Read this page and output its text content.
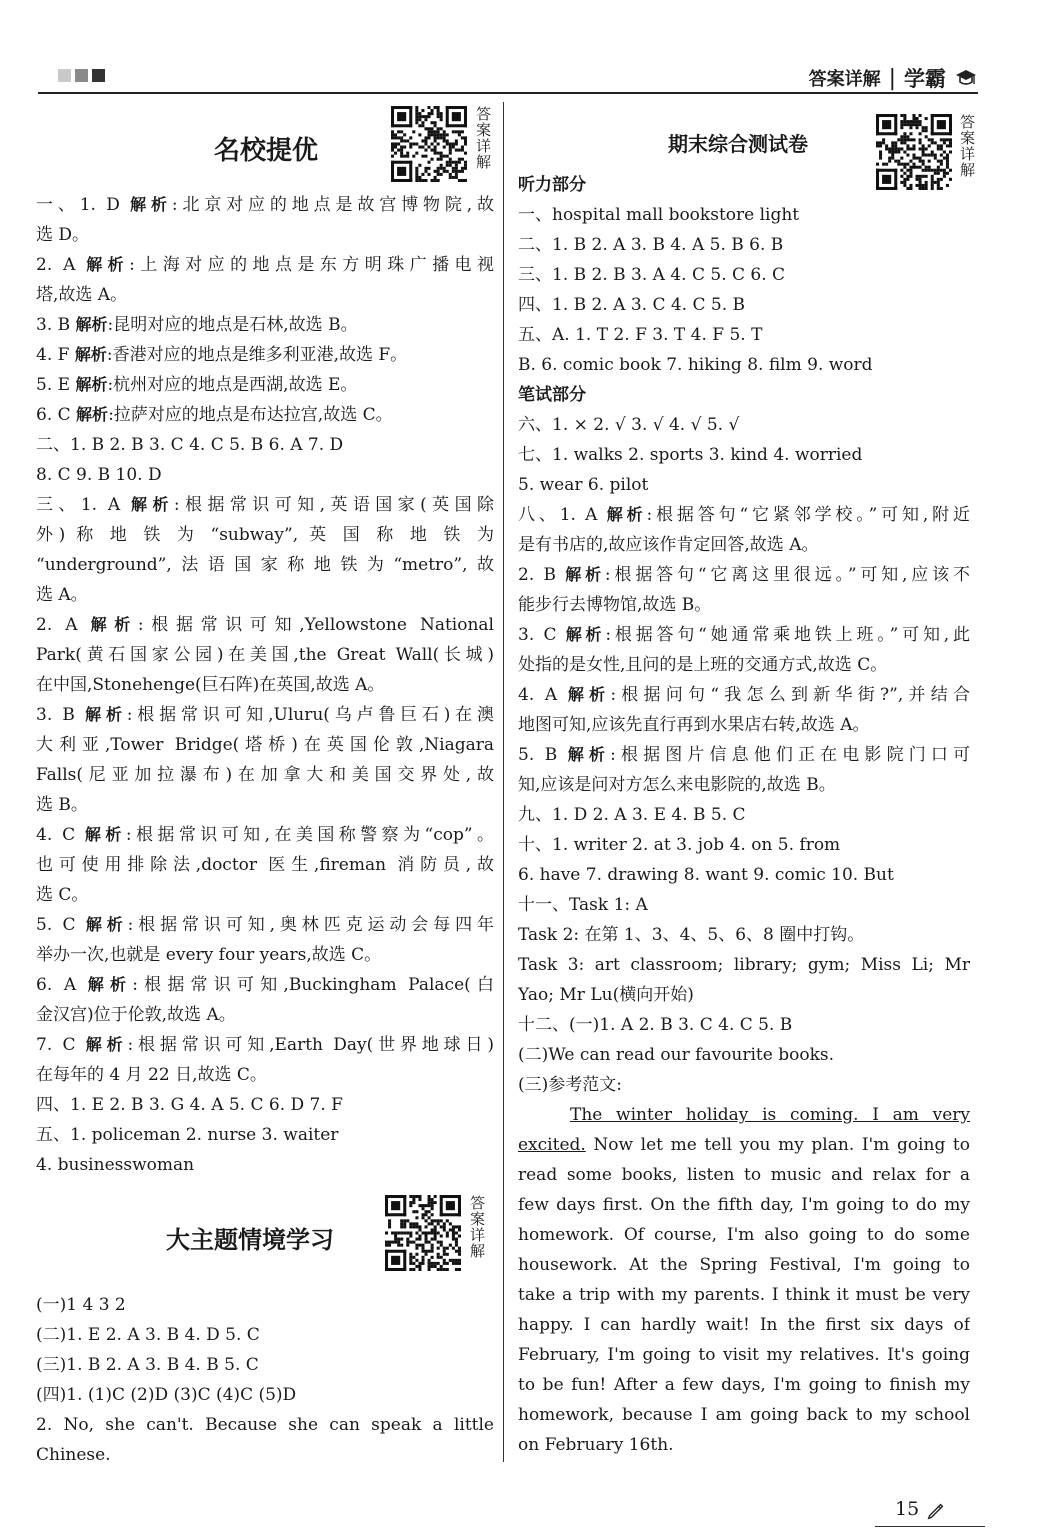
答案详解 | 学霸
名校提优
答案详解
一、1. D 解析:北京对应的地点是故宫博物院,故
选 D。
2. A 解析:上海对应的地点是东方明珠广播电视
塔,故选 A。
3. B 解析:昆明对应的地点是石林,故选 B。
4. F 解析:香港对应的地点是维多利亚港,故选 F。
5. E 解析:杭州对应的地点是西湖,故选 E。
6. C 解析:拉萨对应的地点是布达拉宫,故选 C。
二、1. B 2. B 3. C 4. C 5. B 6. A 7. D
8. C 9. B 10. D
三、1. A 解析:根据常识可知,英语国家(英国除
外) 称 地 铁 为 “subway”, 英 国 称 地 铁 为
“underground”,法语国家称地铁为“metro”,故
选 A。
2. A 解析:根据常识可知,Yellowstone National
Park(黄石国家公园)在美国,the Great Wall(长城)
在中国,Stonehenge(巨石阵)在英国,故选 A。
3. B 解析:根据常识可知,Uluru(乌卢鲁巨石)在澳
大利亚,Tower Bridge(塔桥)在英国伦敦,Niagara
Falls(尼亚加拉瀑布)在加拿大和美国交界处,故
选 B。
4. C 解析:根据常识可知,在美国称警察为“cop”。
也可使用排除法,doctor 医生,fireman 消防员,故
选 C。
5. C 解析:根据常识可知,奥林匹克运动会每四年
举办一次,也就是 every four years,故选 C。
6. A 解析:根据常识可知,Buckingham Palace(白
金汉宫)位于伦敦,故选 A。
7. C 解析:根据常识可知,Earth Day(世界地球日)
在每年的 4 月 22 日,故选 C。
四、1. E 2. B 3. G 4. A 5. C 6. D 7. F
五、1. policeman 2. nurse 3. waiter
4. businesswoman
大主题情境学习
答案详解
(一)1 4 3 2
(二)1. E 2. A 3. B 4. D 5. C
(三)1. B 2. A 3. B 4. B 5. C
(四)1. (1)C (2)D (3)C (4)C (5)D
2. No, she can't. Because she can speak a little
Chinese.
期末综合测试卷
答案详解
听力部分
一、hospital mall bookstore light
二、1. B 2. A 3. B 4. A 5. B 6. B
三、1. B 2. B 3. A 4. C 5. C 6. C
四、1. B 2. A 3. C 4. C 5. B
五、A. 1. T 2. F 3. T 4. F 5. T
B. 6. comic book 7. hiking 8. film 9. word
笔试部分
六、1. × 2. √ 3. √ 4. √ 5. √
七、1. walks 2. sports 3. kind 4. worried
5. wear 6. pilot
八、1. A 解析:根据答句“它紧邻学校。”可知,附近
是有书店的,故应该作肯定回答,故选 A。
2. B 解析:根据答句“它离这里很远。”可知,应该不
能步行去博物馆,故选 B。
3. C 解析:根据答句“她通常乘地铁上班。”可知,此
处指的是女性,且问的是上班的交通方式,故选 C。
4. A 解析:根据问句“我怎么到新华街?”,并结合
地图可知,应该先直行再到水果店右转,故选 A。
5. B 解析:根据图片信息他们正在电影院门口可
知,应该是问对方怎么来电影院的,故选 B。
九、1. D 2. A 3. E 4. B 5. C
十、1. writer 2. at 3. job 4. on 5. from
6. have 7. drawing 8. want 9. comic 10. But
十一、Task 1: A
Task 2: 在第 1、3、4、5、6、8 圈中打钩。
Task 3: art classroom; library; gym; Miss Li; Mr
Yao; Mr Lu(横向开始)
十二、(一)1. A 2. B 3. C 4. C 5. B
(二)We can read our favourite books.
(三)参考范文:
The winter holiday is coming. I am very
excited. Now let me tell you my plan. I'm going to
read some books, listen to music and relax for a
few days first. On the fifth day, I'm going to do my
homework. Of course, I'm also going to do some
housework. At the Spring Festival, I'm going to
take a trip with my parents. I think it must be very
happy. I can hardly wait! In the first six days of
February, I'm going to visit my relatives. It's going
to be fun! After a few days, I'm going to finish my
homework, because I am going back to my school
on February 16th.
15
